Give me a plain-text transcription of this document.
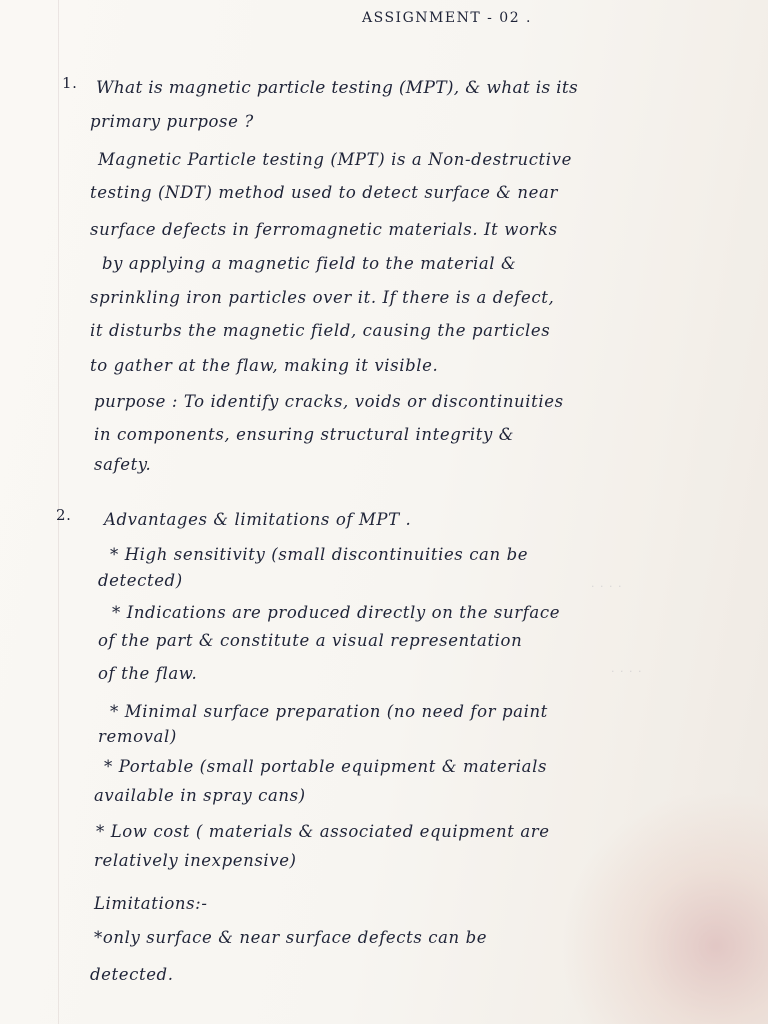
· · · ·
· · · ·
ASSIGNMENT - 02 .
1. What is magnetic particle testing (MPT), & what is its
primary purpose ?
Magnetic Particle testing (MPT) is a Non-destructive
testing (NDT) method used to detect surface & near
surface defects in ferromagnetic materials. It works
by applying a magnetic field to the material &
sprinkling iron particles over it. If there is a defect,
it disturbs the magnetic field, causing the particles
to gather at the flaw, making it visible.
purpose : To identify cracks, voids or discontinuities
in components, ensuring structural integrity &
safety.
2. Advantages & limitations of MPT .
* High sensitivity (small discontinuities can be
detected)
* Indications are produced directly on the surface
of the part & constitute a visual representation
of the flaw.
* Minimal surface preparation (no need for paint
removal)
* Portable (small portable equipment & materials
available in spray cans)
* Low cost ( materials & associated equipment are
relatively inexpensive)
Limitations:-
*only surface & near surface defects can be
detected.
